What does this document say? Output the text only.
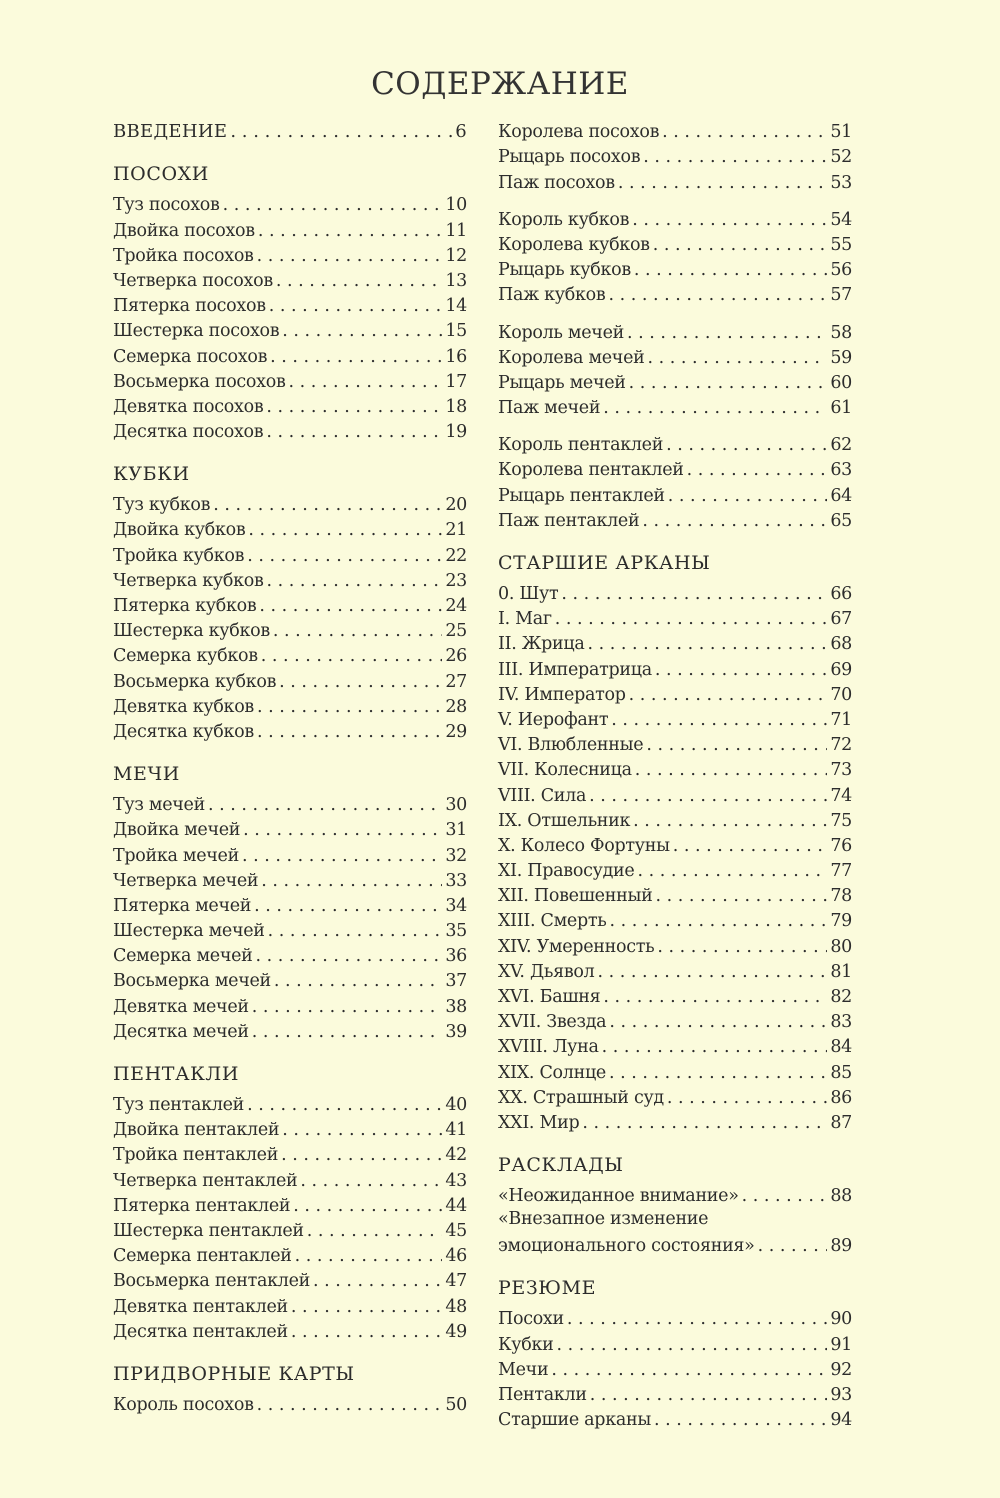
СОДЕРЖАНИЕ
ВВЕДЕНИЕ . . .	6
ПОСОХИ
Туз посохов . . .	10
Двойка посохов . . .	11
Тройка посохов . . .	12
Четверка посохов . . .	13
Пятерка посохов . . .	14
Шестерка посохов . . .	15
Семерка посохов . . .	16
Восьмерка посохов . . .	17
Девятка посохов . . .	18
Десятка посохов . . .	19
КУБКИ
Туз кубков . . .	20
Двойка кубков . . .	21
Тройка кубков . . .	22
Четверка кубков . . .	23
Пятерка кубков . . .	24
Шестерка кубков . . .	25
Семерка кубков . . .	26
Восьмерка кубков . . .	27
Девятка кубков . . .	28
Десятка кубков . . .	29
МЕЧИ
Туз мечей . . .	30
Двойка мечей . . .	31
Тройка мечей . . .	32
Четверка мечей . . .	33
Пятерка мечей . . .	34
Шестерка мечей . . .	35
Семерка мечей . . .	36
Восьмерка мечей . . .	37
Девятка мечей . . .	38
Десятка мечей . . .	39
ПЕНТАКЛИ
Туз пентаклей . . .	40
Двойка пентаклей . . .	41
Тройка пентаклей . . .	42
Четверка пентаклей . . .	43
Пятерка пентаклей . . .	44
Шестерка пентаклей . . .	45
Семерка пентаклей . . .	46
Восьмерка пентаклей . . .	47
Девятка пентаклей . . .	48
Десятка пентаклей . . .	49
ПРИДВОРНЫЕ КАРТЫ
Король посохов . . .	50
Королева посохов . . .	51
Рыцарь посохов . . .	52
Паж посохов . . .	53
Король кубков . . .	54
Королева кубков . . .	55
Рыцарь кубков . . .	56
Паж кубков . . .	57
Король мечей . . .	58
Королева мечей . . .	59
Рыцарь мечей . . .	60
Паж мечей . . .	61
Король пентаклей . . .	62
Королева пентаклей . . .	63
Рыцарь пентаклей . . .	64
Паж пентаклей . . .	65
СТАРШИЕ АРКАНЫ
0. Шут . . .	66
I. Маг . . .	67
II. Жрица . . .	68
III. Императрица . . .	69
IV. Император . . .	70
V. Иерофант . . .	71
VI. Влюбленные . . .	72
VII. Колесница . . .	73
VIII. Сила . . .	74
IX. Отшельник . . .	75
X. Колесо Фортуны . . .	76
XI. Правосудие . . .	77
XII. Повешенный . . .	78
XIII. Смерть . . .	79
XIV. Умеренность . . .	80
XV. Дьявол . . .	81
XVI. Башня . . .	82
XVII. Звезда . . .	83
XVIII. Луна . . .	84
XIX. Солнце . . .	85
XX. Страшный суд . . .	86
XXI. Мир . . .	87
РАСКЛАДЫ
«Неожиданное внимание» . . .	88
«Внезапное изменение
эмоционального состояния» . . .	89
РЕЗЮМЕ
Посохи . . .	90
Кубки . . .	91
Мечи . . .	92
Пентакли . . .	93
Старшие арканы . . .	94
